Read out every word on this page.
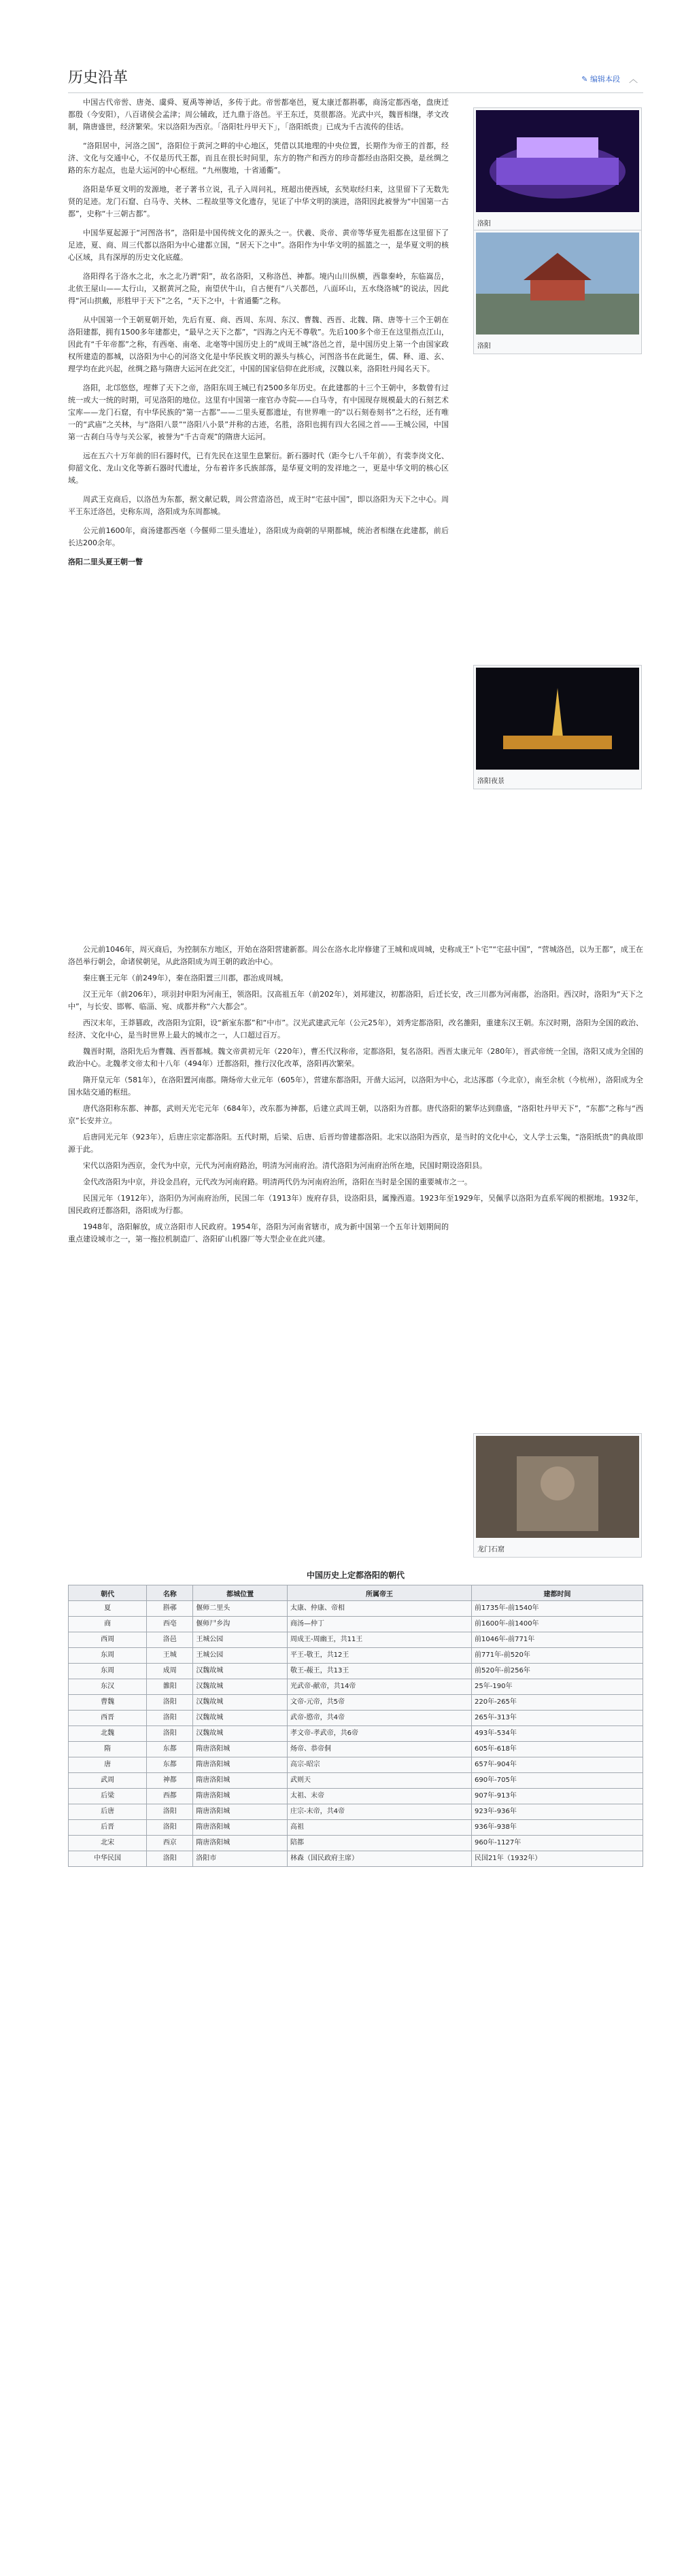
历史沿革	✎ 编辑本段 ︿

中国古代帝喾、唐尧、虞舜、夏禹等神话，多传于此。帝喾都亳邑，夏太康迁都斟鄩，商汤定都西亳，盘庚迁都殷（今安阳），八百诸侯会孟津；周公辅政，迁九鼎于洛邑。平王东迁，莫很都洛。光武中兴，魏晋相继，孝文改制，隋唐盛世，经济繁荣。宋以洛阳为西京。「洛阳牡丹甲天下」，「洛阳纸贵」已成为千古流传的佳话。

“洛阳居中，河洛之国”，洛阳位于黄河之畔的中心地区，凭借以其地理的中央位置，长期作为帝王的首都，经济、文化与交通中心，不仅是历代王都，而且在很长时间里，东方的物产和西方的珍奇都经由洛阳交换，是丝绸之路的东方起点，也是大运河的中心枢纽。“九州腹地，十省通衢”。

洛阳是华夏文明的发源地，老子著书立说，孔子入周问礼，班超出使西域，玄奘取经归来，这里留下了无数先贤的足迹。龙门石窟、白马寺、关林、二程故里等文化遗存，见证了中华文明的演进，洛阳因此被誉为“中国第一古都”，史称“十三朝古都”。

中国华夏起源于“河图洛书”，洛阳是中国传统文化的源头之一。伏羲、炎帝、黄帝等华夏先祖都在这里留下了足迹，夏、商、周三代都以洛阳为中心建都立国，“居天下之中”。洛阳作为中华文明的摇篮之一，是华夏文明的核心区域，具有深厚的历史文化底蕴。

洛阳得名于洛水之北，水之北乃谓“阳”，故名洛阳，又称洛邑、神都。境内山川纵横，西靠秦岭，东临嵩岳，北依王屋山——太行山，又据黄河之险，南望伏牛山，自古便有“八关都邑，八面环山，五水绕洛城”的说法，因此得“河山拱戴，形胜甲于天下”之名，“天下之中，十省通衢”之称。

从中国第一个王朝夏朝开始，先后有夏、商、西周、东周、东汉、曹魏、西晋、北魏、隋、唐等十三个王朝在洛阳建都，拥有1500多年建都史，“最早之天下之都”，“四海之内无不尊敬”。先后100多个帝王在这里指点江山，因此有“千年帝都”之称，有西亳、南亳、北亳等中国历史上的“成周王城”洛邑之首，是中国历史上第一个由国家政权所建造的都城，以洛阳为中心的河洛文化是中华民族文明的源头与核心，河图洛书在此诞生，儒、释、道、玄、理学均在此兴起，丝绸之路与隋唐大运河在此交汇，中国的国家信仰在此形成，汉魏以来，洛阳牡丹闻名天下。

洛阳，北邙悠悠，埋葬了天下之帝，洛阳东周王城已有2500多年历史。在此建都的十三个王朝中，多数曾有过统一或大一统的时期，可见洛阳的地位。这里有中国第一座官办寺院——白马寺，有中国现存规模最大的石刻艺术宝库——龙门石窟，有中华民族的“第一古都”——二里头夏都遗址，有世界唯一的“以石刻卷刻书”之石经，还有唯一的“武庙”之关林，与“洛阳八景”“洛阳八小景”并称的古迹，名胜，洛阳也拥有四大名园之首——王城公园，中国第一古刹白马寺与关公冢，被誉为“千古奇观”的隋唐大运河。

远在五六十万年前的旧石器时代，已有先民在这里生息繁衍。新石器时代（距今七八千年前），有裴李岗文化、仰韶文化、龙山文化等新石器时代遗址，分布着许多氏族部落，是华夏文明的发祥地之一，更是中华文明的核心区域。

周武王克商后，以洛邑为东都，据文献记载，周公营造洛邑，成王时“宅兹中国”，即以洛阳为天下之中心。周平王东迁洛邑，史称东周，洛阳成为东周都城。

公元前1600年，商汤建都西亳（今偃师二里头遗址），洛阳成为商朝的早期都城，统治者相继在此建都，前后长达200余年。

洛阳二里头夏王朝一瞥

洛阳
洛阳
洛阳夜景
龙门石窟

公元前1046年，周灭商后，为控制东方地区，开始在洛阳营建新都。周公在洛水北岸修建了王城和成周城，史称成王“卜宅”“宅兹中国”，“营城洛邑，以为王都”，成王在洛邑举行朝会，命诸侯朝见，从此洛阳成为周王朝的政治中心。

秦庄襄王元年（前249年），秦在洛阳置三川郡，郡治成周城。

汉王元年（前206年），项羽封申阳为河南王，领洛阳。汉高祖五年（前202年），刘邦建汉，初都洛阳，后迁长安，改三川郡为河南郡，治洛阳。西汉时，洛阳为“天下之中”，与长安、邯郸、临淄、宛、成都并称“六大都会”。

西汉末年，王莽篡政，改洛阳为宜阳，设“新室东都”和“中市”。汉光武建武元年（公元25年），刘秀定都洛阳，改名雒阳，重建东汉王朝。东汉时期，洛阳为全国的政治、经济、文化中心，是当时世界上最大的城市之一，人口超过百万。

魏晋时期，洛阳先后为曹魏、西晋都城。魏文帝黄初元年（220年），曹丕代汉称帝，定都洛阳，复名洛阳。西晋太康元年（280年），晋武帝统一全国，洛阳又成为全国的政治中心。北魏孝文帝太和十八年（494年）迁都洛阳，推行汉化改革，洛阳再次繁荣。

隋开皇元年（581年），在洛阳置河南郡。隋炀帝大业元年（605年），营建东都洛阳，开凿大运河，以洛阳为中心，北达涿郡（今北京），南至余杭（今杭州），洛阳成为全国水陆交通的枢纽。

唐代洛阳称东都、神都，武则天光宅元年（684年），改东都为神都，后建立武周王朝，以洛阳为首都。唐代洛阳的繁华达到鼎盛，“洛阳牡丹甲天下”，“东都”之称与“西京”长安并立。

后唐同光元年（923年），后唐庄宗定都洛阳。五代时期，后梁、后唐、后晋均曾建都洛阳。北宋以洛阳为西京，是当时的文化中心，文人学士云集，“洛阳纸贵”的典故即源于此。

宋代以洛阳为西京，金代为中京，元代为河南府路治，明清为河南府治。清代洛阳为河南府治所在地，民国时期设洛阳县。

金代改洛阳为中京，并设金昌府，元代改为河南府路。明清两代仍为河南府治所，洛阳在当时是全国的重要城市之一。

民国元年（1912年），洛阳仍为河南府治所，民国二年（1913年）废府存县，设洛阳县，属豫西道。1923年至1929年，吴佩孚以洛阳为直系军阀的根据地。1932年，国民政府迁都洛阳，洛阳成为行都。

1948年，洛阳解放，成立洛阳市人民政府。1954年，洛阳为河南省辖市，成为新中国第一个五年计划期间的重点建设城市之一，第一拖拉机制造厂、洛阳矿山机器厂等大型企业在此兴建。

中国历史上定都洛阳的朝代
朝代	名称	都城位置	所属帝王	建都时间
夏	斟鄩	偃师二里头	太康、仲康、帝相	前1735年-前1540年
商	西亳	偃师尸乡沟	商汤—仲丁	前1600年-前1400年
西周	洛邑	王城公园	周成王-周幽王，共11王	前1046年-前771年
东周	王城	王城公园	平王-敬王，共12王	前771年-前520年
东周	成周	汉魏故城	敬王-赧王，共13王	前520年-前256年
东汉	雒阳	汉魏故城	光武帝-献帝，共14帝	25年-190年
曹魏	洛阳	汉魏故城	文帝-元帝，共5帝	220年-265年
西晋	洛阳	汉魏故城	武帝-愍帝，共4帝	265年-313年
北魏	洛阳	汉魏故城	孝文帝-孝武帝，共6帝	493年-534年
隋	东都	隋唐洛阳城	炀帝、恭帝侗	605年-618年
唐	东都	隋唐洛阳城	高宗-昭宗	657年-904年
武周	神都	隋唐洛阳城	武则天	690年-705年
后梁	西都	隋唐洛阳城	太祖、末帝	907年-913年
后唐	洛阳	隋唐洛阳城	庄宗-末帝，共4帝	923年-936年
后晋	洛阳	隋唐洛阳城	高祖	936年-938年
北宋	西京	隋唐洛阳城	陪都	960年-1127年
中华民国	洛阳	洛阳市	林森（国民政府主席）	民国21年（1932年）
